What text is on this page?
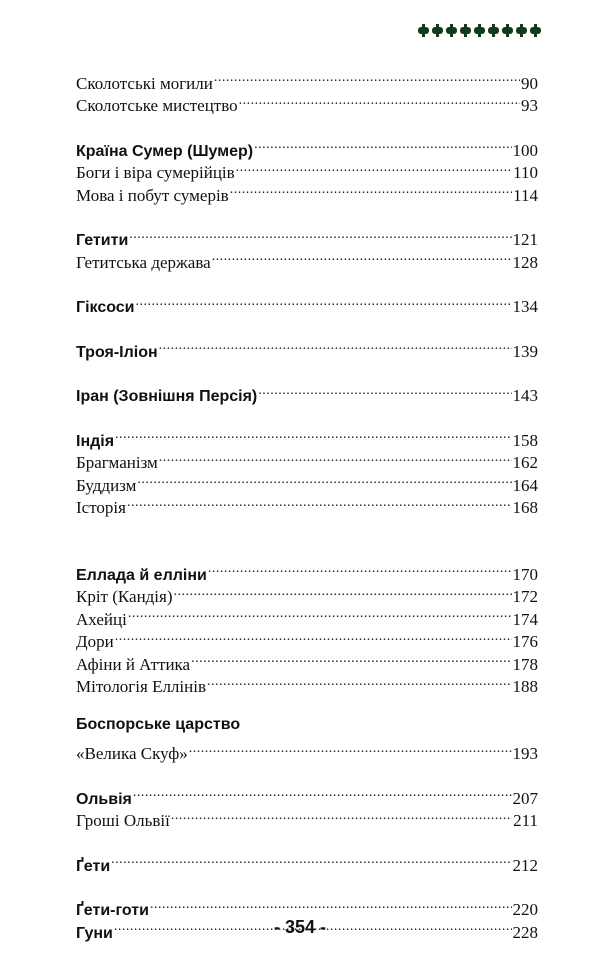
Сколотські могили .....	90
Сколотське мистецтво .....	93
Країна Сумер (Шумер) .....	100
Боги і віра сумерійців .....	110
Мова і побут сумерів .....	114
Гетити .....	121
Гетитська держава .....	128
Гіксоси .....	134
Троя-Іліон .....	139
Іран (Зовнішня Персія) .....	143
Індія .....	158
Брагманізм .....	162
Буддизм .....	164
Історія .....	168
Еллада й елліни .....	170
Кріт (Кандія) .....	172
Ахейці .....	174
Дори .....	176
Афіни й Аттика .....	178
Мітологія Еллінів .....	188
Боспорське царство
«Велика Скуф» .....	193
Ольвія .....	207
Гроші Ольвії .....	211
Ґети .....	212
Ґети-готи .....	220
Гуни .....	228
- 354 -
